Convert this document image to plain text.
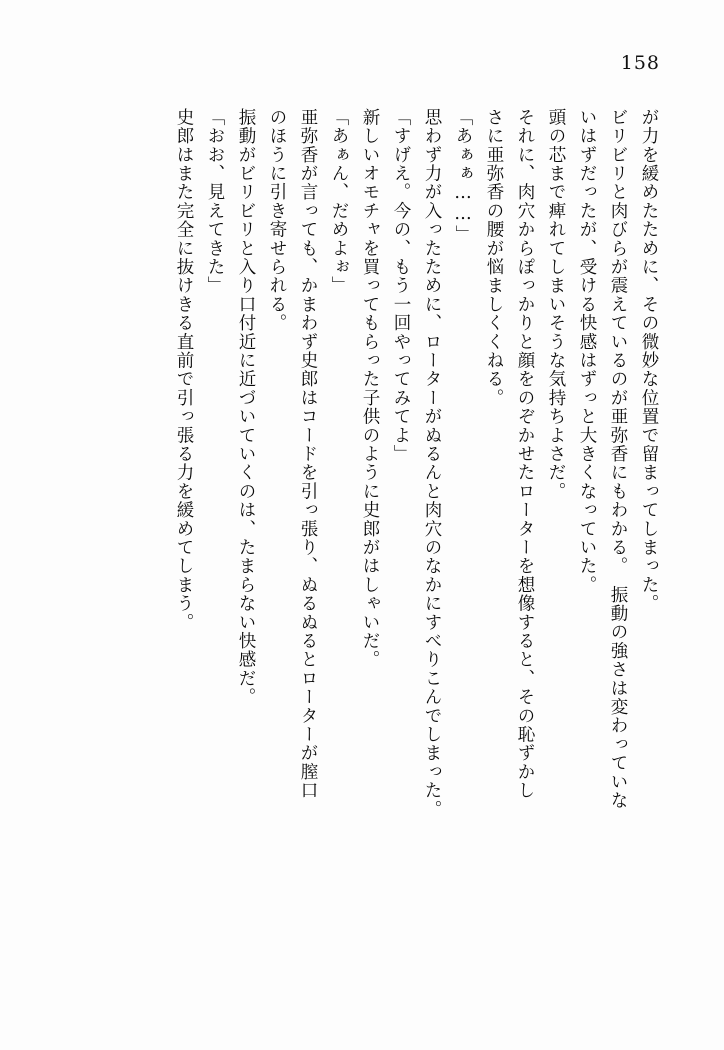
158
が力を緩めたために、その微妙な位置で留まってしまった。
ビリビリと肉びらが震えているのが亜弥香にもわかる。　振動の強さは変わっていな
いはずだったが、受ける快感はずっと大きくなっていた。
頭の芯まで痺れてしまいそうな気持ちよさだ。
それに、肉穴からぽっかりと顔をのぞかせたローターを想像すると、その恥ずかし
さに亜弥香の腰が悩ましくくねる。
「あぁぁ……」
思わず力が入ったために、ローターがぬるんと肉穴のなかにすべりこんでしまった。
「すげえ。今の、もう一回やってみてよ」
新しいオモチャを買ってもらった子供のように史郎がはしゃいだ。
「あぁん、だめよぉ」
亜弥香が言っても、かまわず史郎はコードを引っ張り、ぬるぬるとローターが膣口
のほうに引き寄せられる。
振動がビリビリと入り口付近に近づいていくのは、たまらない快感だ。
「おお、見えてきた」
史郎はまた完全に抜けきる直前で引っ張る力を緩めてしまう。
